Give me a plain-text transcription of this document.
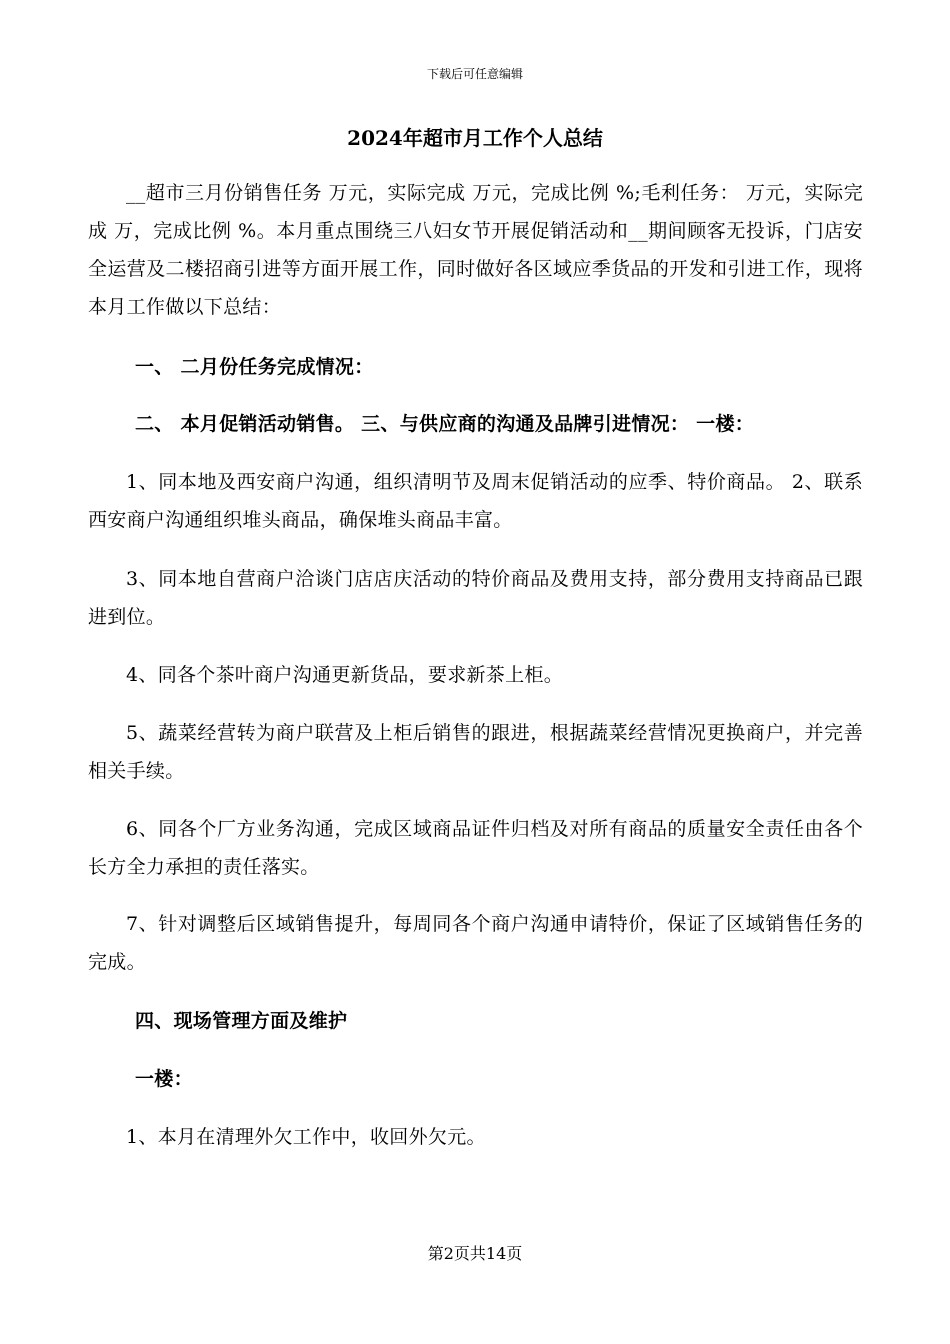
下载后可任意编辑
2024年超市月工作个人总结

__超市三月份销售任务 万元，实际完成 万元，完成比例 %;毛利任务： 万元，实际完成 万，完成比例 %。本月重点围绕三八妇女节开展促销活动和__期间顾客无投诉，门店安全运营及二楼招商引进等方面开展工作，同时做好各区域应季货品的开发和引进工作，现将本月工作做以下总结：

一、 二月份任务完成情况：

二、 本月促销活动销售。 三、与供应商的沟通及品牌引进情况： 一楼：

1、同本地及西安商户沟通，组织清明节及周末促销活动的应季、特价商品。 2、联系西安商户沟通组织堆头商品，确保堆头商品丰富。

3、同本地自营商户洽谈门店店庆活动的特价商品及费用支持，部分费用支持商品已跟进到位。

4、同各个茶叶商户沟通更新货品，要求新茶上柜。

5、蔬菜经营转为商户联营及上柜后销售的跟进，根据蔬菜经营情况更换商户，并完善相关手续。

6、同各个厂方业务沟通，完成区域商品证件归档及对所有商品的质量安全责任由各个长方全力承担的责任落实。

7、针对调整后区域销售提升，每周同各个商户沟通申请特价，保证了区域销售任务的完成。

四、现场管理方面及维护

一楼：

1、本月在清理外欠工作中，收回外欠元。

第2页共14页
